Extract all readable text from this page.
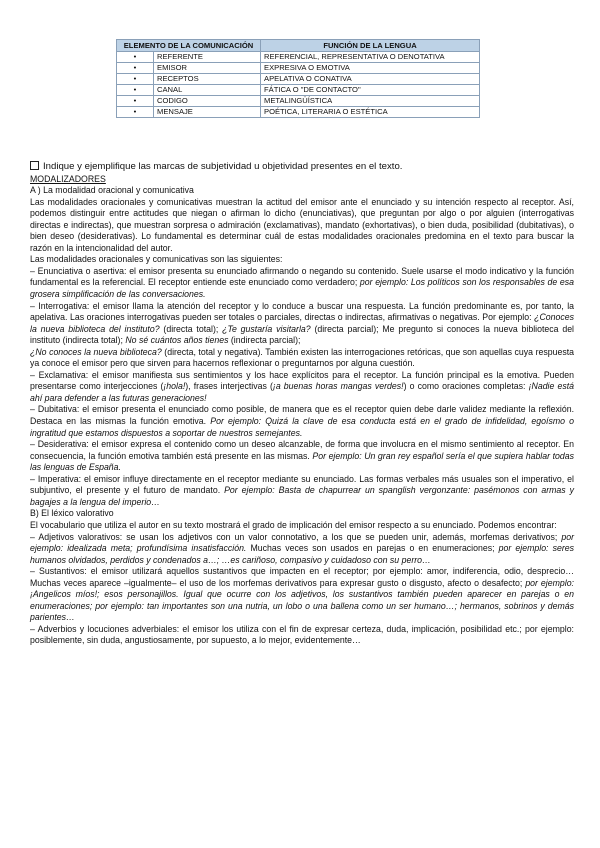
ELEMENTO DE LA COMUNICACIÓN		FUNCIÓN DE LA LENGUA
•	REFERENTE	REFERENCIAL, REPRESENTATIVA O DENOTATIVA
•	EMISOR	EXPRESIVA O EMOTIVA
•	RECEPTOS	APELATIVA O CONATIVA
•	CANAL	FÁTICA O "DE CONTACTO"
•	CODIGO	METALINGÜÍSTICA
•	MENSAJE	POÉTICA, LITERARIA O ESTÉTICA

Indique y ejemplifique las marcas de subjetividad u objetividad presentes en el texto.

MODALIZADORES

A ) La modalidad oracional y comunicativa

Las modalidades oracionales y comunicativas muestran la actitud del emisor ante el enunciado y su intención respecto al receptor. Así, podemos distinguir entre actitudes que niegan o afirman lo dicho (enunciativas), que preguntan por algo o por alguien (interrogativas directas e indirectas), que muestran sorpresa o admiración (exclamativas), mandato (exhortativas), o bien duda, posibilidad (dubitativas), o bien deseo (desiderativas). Lo fundamental es determinar cuál de estas modalidades oracionales predomina en el texto para buscar la razón en la intencionalidad del autor.

Las modalidades oracionales y comunicativas son las siguientes:

– Enunciativa o asertiva: el emisor presenta su enunciado afirmando o negando su contenido. Suele usarse el modo indicativo y la función fundamental es la referencial. El receptor entiende este enunciado como verdadero; por ejemplo: Los políticos son los responsables de esa grosera simplificación de las conversaciones.

– Interrogativa: el emisor llama la atención del receptor y lo conduce a buscar una respuesta. La función predominante es, por tanto, la apelativa. Las oraciones interrogativas pueden ser totales o parciales, directas o indirectas, afirmativas o negativas. Por ejemplo: ¿Conoces la nueva biblioteca del instituto? (directa total); ¿Te gustaría visitarla? (directa parcial); Me pregunto si conoces la nueva biblioteca del instituto (indirecta total); No sé cuántos años tienes (indirecta parcial);

¿No conoces la nueva biblioteca? (directa, total y negativa). También existen las interrogaciones retóricas, que son aquellas cuya respuesta ya conoce el emisor pero que sirven para hacernos reflexionar o preguntarnos por alguna cuestión.

– Exclamativa: el emisor manifiesta sus sentimientos y los hace explícitos para el receptor. La función principal es la emotiva. Pueden presentarse como interjecciones (¡hola!), frases interjectivas (¡a buenas horas mangas verdes!) o como oraciones completas: ¡Nadie está ahí para defender a las futuras generaciones!

– Dubitativa: el emisor presenta el enunciado como posible, de manera que es el receptor quien debe darle validez mediante la reflexión. Destaca en las mismas la función emotiva. Por ejemplo: Quizá la clave de esa conducta está en el grado de infidelidad, egoísmo o ingratitud que estamos dispuestos a soportar de nuestros semejantes.

– Desiderativa: el emisor expresa el contenido como un deseo alcanzable, de forma que involucra en el mismo sentimiento al receptor. En consecuencia, la función emotiva también está presente en las mismas. Por ejemplo: Un gran rey español sería el que supiera hablar todas las lenguas de España.

– Imperativa: el emisor influye directamente en el receptor mediante su enunciado. Las formas verbales más usuales son el imperativo, el subjuntivo, el presente y el futuro de mandato. Por ejemplo: Basta de chapurrear un spanglish vergonzante: pasémonos con armas y bagajes a la lengua del imperio…

B) El léxico valorativo

El vocabulario que utiliza el autor en su texto mostrará el grado de implicación del emisor respecto a su enunciado. Podemos encontrar:

– Adjetivos valorativos: se usan los adjetivos con un valor connotativo, a los que se pueden unir, además, morfemas derivativos; por ejemplo: idealizada meta; profundísima insatisfacción. Muchas veces son usados en parejas o en enumeraciones; por ejemplo: seres humanos olvidados, perdidos y condenados a…; …es cariñoso, compasivo y cuidadoso con su perro…

– Sustantivos: el emisor utilizará aquellos sustantivos que impacten en el receptor; por ejemplo: amor, indiferencia, odio, desprecio… Muchas veces aparece –igualmente– el uso de los morfemas derivativos para expresar gusto o disgusto, afecto o desafecto; por ejemplo: ¡Angelicos míos!; esos personajillos. Igual que ocurre con los adjetivos, los sustantivos también pueden aparecer en parejas o en enumeraciones; por ejemplo: tan importantes son una nutria, un lobo o una ballena como un ser humano…; hermanos, sobrinos y demás parientes…

– Adverbios y locuciones adverbiales: el emisor los utiliza con el fin de expresar certeza, duda, implicación, posibilidad etc.; por ejemplo: posiblemente, sin duda, angustiosamente, por supuesto, a lo mejor, evidentemente…
